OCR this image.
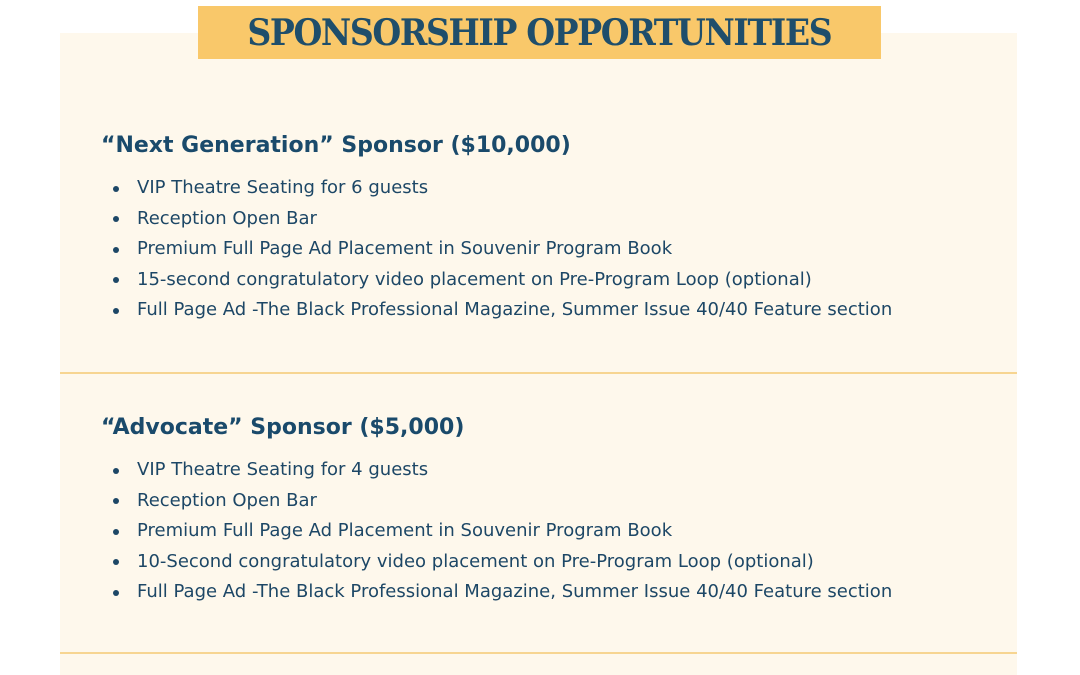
SPONSORSHIP OPPORTUNITIES
“Next Generation” Sponsor ($10,000)
VIP Theatre Seating for 6 guests
Reception Open Bar
Premium Full Page Ad Placement in Souvenir Program Book
15-second congratulatory video placement on Pre-Program Loop (optional)
Full Page Ad -The Black Professional Magazine, Summer Issue 40/40 Feature section
“Advocate” Sponsor ($5,000)
VIP Theatre Seating for 4 guests
Reception Open Bar
Premium Full Page Ad Placement in Souvenir Program Book
10-Second congratulatory video placement on Pre-Program Loop (optional)
Full Page Ad -The Black Professional Magazine, Summer Issue 40/40 Feature section
